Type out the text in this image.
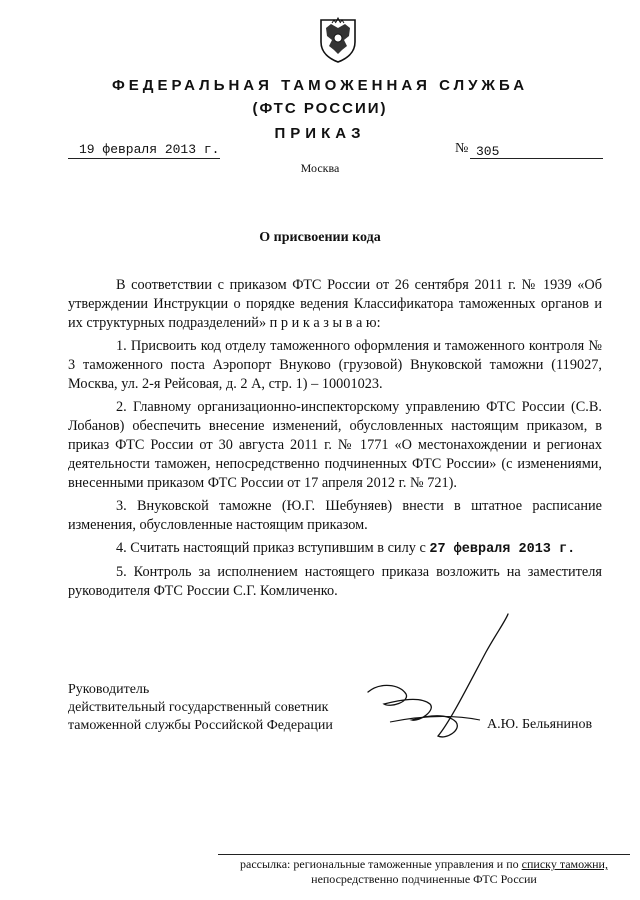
ФЕДЕРАЛЬНАЯ ТАМОЖЕННАЯ СЛУЖБА
(ФТС РОССИИ)
ПРИКАЗ
19 февраля 2013 г.	№ 305
Москва
О присвоении кода

В соответствии с приказом ФТС России от 26 сентября 2011 г. № 1939 «Об утверждении Инструкции о порядке ведения Классификатора таможенных органов и их структурных подразделений» п р и к а з ы в а ю:

1. Присвоить код отделу таможенного оформления и таможенного контроля № 3 таможенного поста Аэропорт Внуково (грузовой) Внуковской таможни (119027, Москва, ул. 2-я Рейсовая, д. 2 А, стр. 1) – 10001023.

2. Главному организационно-инспекторскому управлению ФТС России (С.В. Лобанов) обеспечить внесение изменений, обусловленных настоящим приказом, в приказ ФТС России от 30 августа 2011 г. № 1771 «О местонахождении и регионах деятельности таможен, непосредственно подчиненных ФТС России» (с изменениями, внесенными приказом ФТС России от 17 апреля 2012 г. № 721).

3. Внуковской таможне (Ю.Г. Шебуняев) внести в штатное расписание изменения, обусловленные настоящим приказом.

4. Считать настоящий приказ вступившим в силу с 27 февраля 2013 г.

5. Контроль за исполнением настоящего приказа возложить на заместителя руководителя ФТС России С.Г. Комличенко.

Руководитель
действительный государственный советник
таможенной службы Российской Федерации	А.Ю. Бельянинов
рассылка: региональные таможенные управления и по списку таможни,
непосредственно подчиненные ФТС России
